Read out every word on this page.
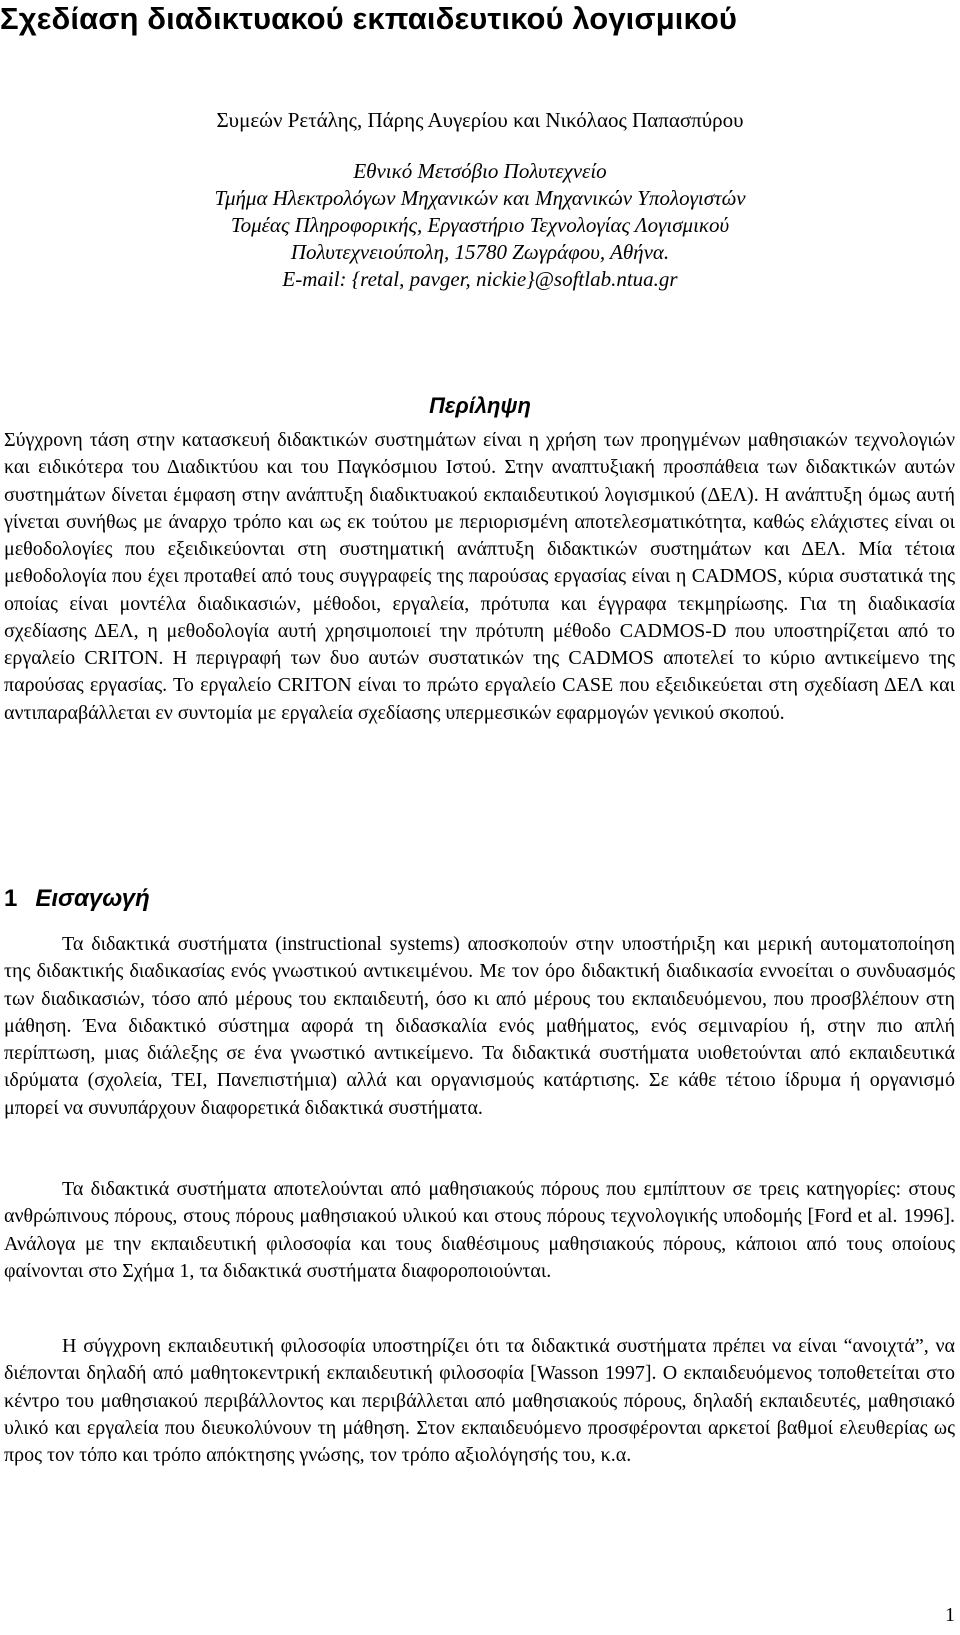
Σχεδίαση διαδικτυακού εκπαιδευτικού λογισμικού
Συμεών Ρετάλης, Πάρης Αυγερίου και Νικόλαος Παπασπύρου
Εθνικό Μετσόβιο Πολυτεχνείο
Τμήμα Ηλεκτρολόγων Μηχανικών και Μηχανικών Υπολογιστών
Τομέας Πληροφορικής, Εργαστήριο Τεχνολογίας Λογισμικού
Πολυτεχνειούπολη, 15780 Ζωγράφου, Αθήνα.
E-mail: {retal, pavger, nickie}@softlab.ntua.gr
Περίληψη

Σύγχρονη τάση στην κατασκευή διδακτικών συστημάτων είναι η χρήση των προηγμένων μαθησιακών τεχνολογιών και ειδικότερα του Διαδικτύου και του Παγκόσμιου Ιστού. Στην αναπτυξιακή προσπάθεια των διδακτικών αυτών συστημάτων δίνεται έμφαση στην ανάπτυξη διαδικτυακού εκπαιδευτικού λογισμικού (ΔΕΛ). Η ανάπτυξη όμως αυτή γίνεται συνήθως με άναρχο τρόπο και ως εκ τούτου με περιορισμένη αποτελεσματικότητα, καθώς ελάχιστες είναι οι μεθοδολογίες που εξειδικεύονται στη συστηματική ανάπτυξη διδακτικών συστημάτων και ΔΕΛ. Μία τέτοια μεθοδολογία που έχει προταθεί από τους συγγραφείς της παρούσας εργασίας είναι η CADMOS, κύρια συστατικά της οποίας είναι μοντέλα διαδικασιών, μέθοδοι, εργαλεία, πρότυπα και έγγραφα τεκμηρίωσης. Για τη διαδικασία σχεδίασης ΔΕΛ, η μεθοδολογία αυτή χρησιμοποιεί την πρότυπη μέθοδο CADMOS-D που υποστηρίζεται από το εργαλείο CRITON. Η περιγραφή των δυο αυτών συστατικών της CADMOS αποτελεί το κύριο αντικείμενο της παρούσας εργασίας. Το εργαλείο CRITON είναι το πρώτο εργαλείο CASE που εξειδικεύεται στη σχεδίαση ΔΕΛ και αντιπαραβάλλεται εν συντομία με εργαλεία σχεδίασης υπερμεσικών εφαρμογών γενικού σκοπού.

1 Εισαγωγή

Τα διδακτικά συστήματα (instructional systems) αποσκοπούν στην υποστήριξη και μερική αυτοματοποίηση της διδακτικής διαδικασίας ενός γνωστικού αντικειμένου. Με τον όρο διδακτική διαδικασία εννοείται ο συνδυασμός των διαδικασιών, τόσο από μέρους του εκπαιδευτή, όσο κι από μέρους του εκπαιδευόμενου, που προσβλέπουν στη μάθηση. Ένα διδακτικό σύστημα αφορά τη διδασκαλία ενός μαθήματος, ενός σεμιναρίου ή, στην πιο απλή περίπτωση, μιας διάλεξης σε ένα γνωστικό αντικείμενο. Τα διδακτικά συστήματα υιοθετούνται από εκπαιδευτικά ιδρύματα (σχολεία, ΤΕΙ, Πανεπιστήμια) αλλά και οργανισμούς κατάρτισης. Σε κάθε τέτοιο ίδρυμα ή οργανισμό μπορεί να συνυπάρχουν διαφορετικά διδακτικά συστήματα.

Τα διδακτικά συστήματα αποτελούνται από μαθησιακούς πόρους που εμπίπτουν σε τρεις κατηγορίες: στους ανθρώπινους πόρους, στους πόρους μαθησιακού υλικού και στους πόρους τεχνολογικής υποδομής [Ford et al. 1996]. Ανάλογα με την εκπαιδευτική φιλοσοφία και τους διαθέσιμους μαθησιακούς πόρους, κάποιοι από τους οποίους φαίνονται στο Σχήμα 1, τα διδακτικά συστήματα διαφοροποιούνται.

Η σύγχρονη εκπαιδευτική φιλοσοφία υποστηρίζει ότι τα διδακτικά συστήματα πρέπει να είναι “ανοιχτά”, να διέπονται δηλαδή από μαθητοκεντρική εκπαιδευτική φιλοσοφία [Wasson 1997]. Ο εκπαιδευόμενος τοποθετείται στο κέντρο του μαθησιακού περιβάλλοντος και περιβάλλεται από μαθησιακούς πόρους, δηλαδή εκπαιδευτές, μαθησιακό υλικό και εργαλεία που διευκολύνουν τη μάθηση. Στον εκπαιδευόμενο προσφέρονται αρκετοί βαθμοί ελευθερίας ως προς τον τόπο και τρόπο απόκτησης γνώσης, τον τρόπο αξιολόγησής του, κ.α.

1
